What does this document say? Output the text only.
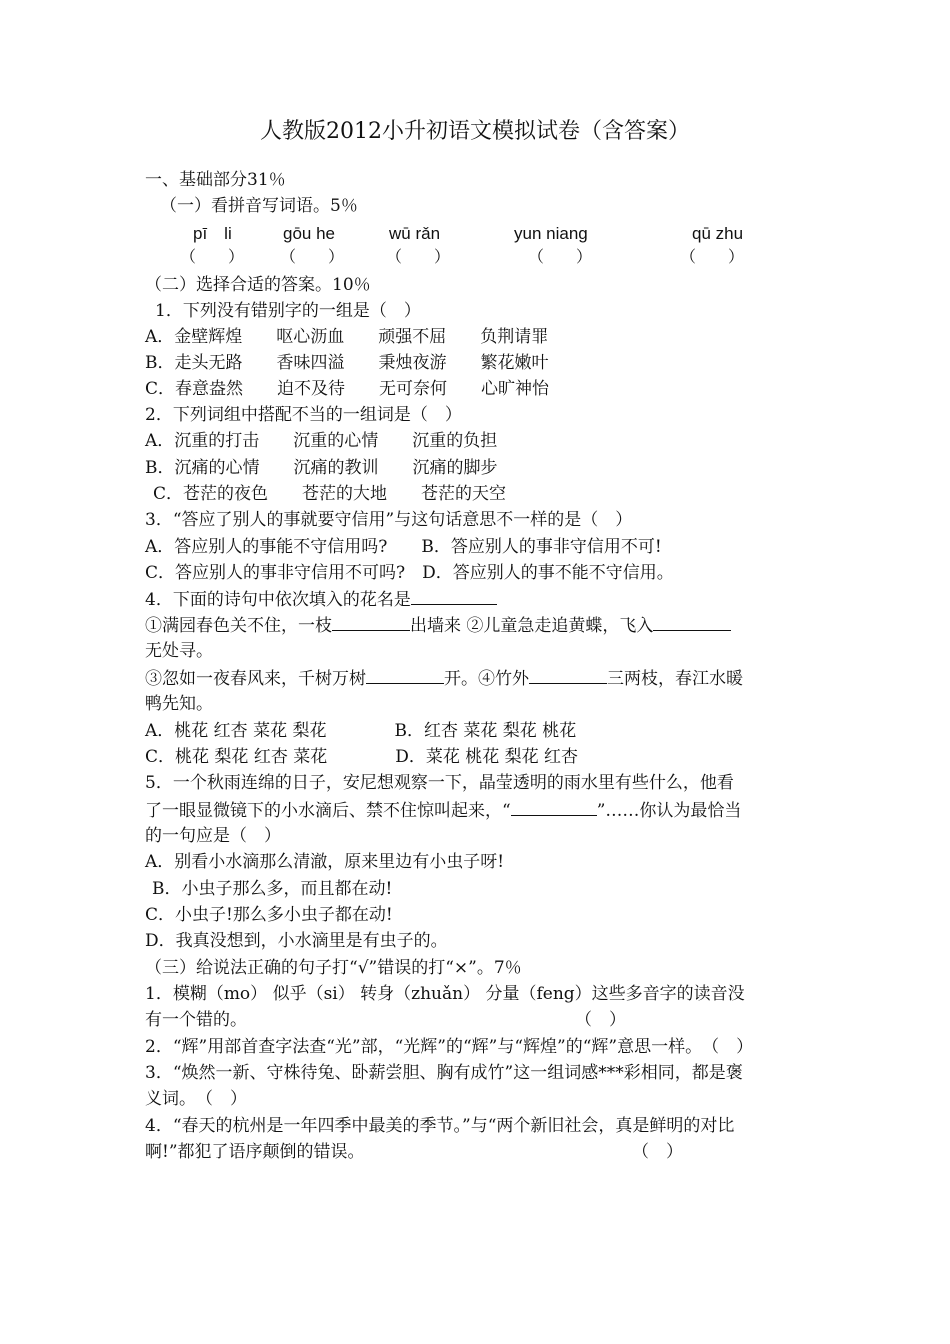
人教版2012小升初语文模拟试卷（含答案）
一、基础部分31％
（一）看拼音写词语。5％
pī　li	gōu he	wū rǎn	yun niang	qū zhu
（　　） （　　）	（　　）	（　　）	（　　）
（二）选择合适的答案。10％
1．下列没有错别字的一组是（　）
A．金壁辉煌　　呕心沥血　　顽强不屈　　负荆请罪
B．走头无路　　香味四溢　　秉烛夜游　　繁花嫩叶
C．春意盎然　　迫不及待　　无可奈何　　心旷神怡
2．下列词组中搭配不当的一组词是（　）
A．沉重的打击　　沉重的心情　　沉重的负担
B．沉痛的心情　　沉痛的教训　　沉痛的脚步
C．苍茫的夜色　　苍茫的大地　　苍茫的天空
3．“答应了别人的事就要守信用”与这句话意思不一样的是（　）
A．答应别人的事能不守信用吗?　　B．答应别人的事非守信用不可!
C．答应别人的事非守信用不可吗?　D．答应别人的事不能不守信用。
4．下面的诗句中依次填入的花名是
①满园春色关不住，一枝	出墙来 ②儿童急走追黄蝶，飞入
无处寻。
③忽如一夜春风来，千树万树	开。④竹外	三两枝，春江水暖
鸭先知。
A．桃花 红杏 菜花 梨花　　　　B．红杏 菜花 梨花 桃花
C．桃花 梨花 红杏 菜花　　　　D．菜花 桃花 梨花 红杏
5．一个秋雨连绵的日子，安尼想观察一下，晶莹透明的雨水里有些什么，他看
了一眼显微镜下的小水滴后、禁不住惊叫起来，“	”……你认为最恰当
的一句应是（　）
A．别看小水滴那么清澈，原来里边有小虫子呀!
B．小虫子那么多，而且都在动!
C．小虫子!那么多小虫子都在动!
D．我真没想到，小水滴里是有虫子的。
（三）给说法正确的句子打“√”错误的打“×”。7％
1．模糊（mo） 似乎（si） 转身（zhuǎn） 分量（feng）这些多音字的读音没
有一个错的。	（　）
2．“辉”用部首查字法查“光”部，“光辉”的“辉”与“辉煌”的“辉”意思一样。　（　）
3．“焕然一新、守株待兔、卧薪尝胆、胸有成竹”这一组词感***彩相同，都是褒
义词。　（　）
4．“春天的杭州是一年四季中最美的季节。”与“两个新旧社会，真是鲜明的对比
啊!”都犯了语序颠倒的错误。	（　）
